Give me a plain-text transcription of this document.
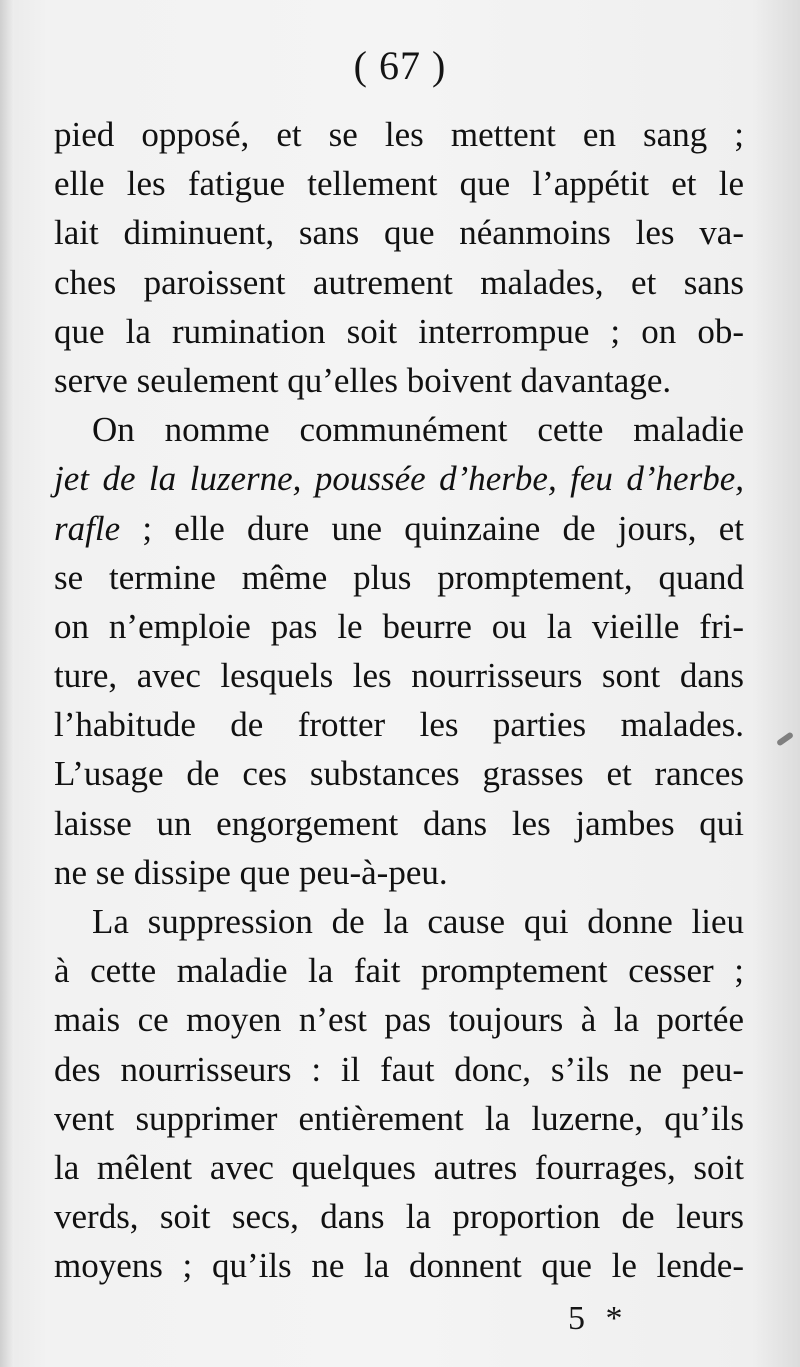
( 67 )
pied opposé, et se les mettent en sang ;
elle les fatigue tellement que l’appétit et le
lait diminuent, sans que néanmoins les va-
ches paroissent autrement malades, et sans
que la rumination soit interrompue ; on ob-
serve seulement qu’elles boivent davantage.
On nomme communément cette maladie
jet de la luzerne, poussée d’herbe, feu d’herbe,
rafle ; elle dure une quinzaine de jours, et
se termine même plus promptement, quand
on n’emploie pas le beurre ou la vieille fri-
ture, avec lesquels les nourrisseurs sont dans
l’habitude de frotter les parties malades.
L’usage de ces substances grasses et rances
laisse un engorgement dans les jambes qui
ne se dissipe que peu-à-peu.
La suppression de la cause qui donne lieu
à cette maladie la fait promptement cesser ;
mais ce moyen n’est pas toujours à la portée
des nourrisseurs : il faut donc, s’ils ne peu-
vent supprimer entièrement la luzerne, qu’ils
la mêlent avec quelques autres fourrages, soit
verds, soit secs, dans la proportion de leurs
moyens ; qu’ils ne la donnent que le lende-
5 *
